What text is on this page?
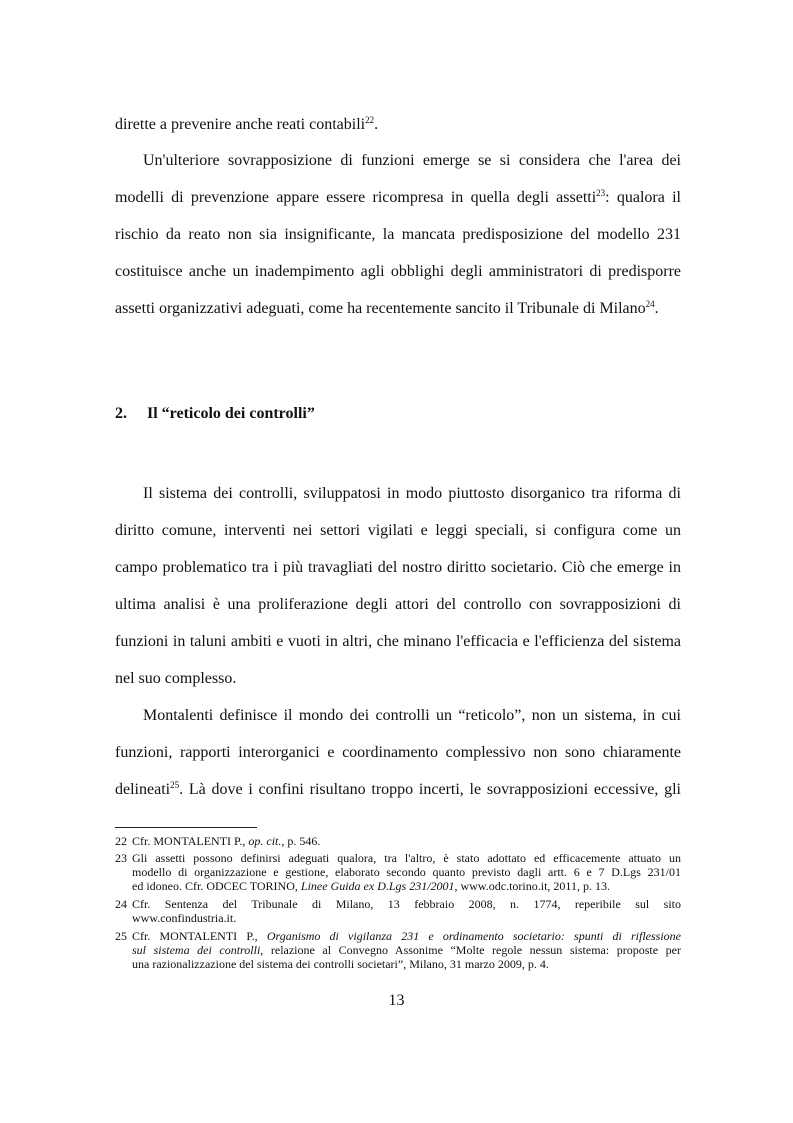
dirette a prevenire anche reati contabili$^{22}$.

Un'ulteriore sovrapposizione di funzioni emerge se si considera che l'area dei

modelli di prevenzione appare essere ricompresa in quella degli assetti$^{23}$: qualora il

rischio da reato non sia insignificante, la mancata predisposizione del modello 231

costituisce anche un inadempimento agli obblighi degli amministratori di predisporre

assetti organizzativi adeguati, come ha recentemente sancito il Tribunale di Milano$^{24}$.

2. Il “reticolo dei controlli”

Il sistema dei controlli, sviluppatosi in modo piuttosto disorganico tra riforma di

diritto comune, interventi nei settori vigilati e leggi speciali, si configura come un

campo problematico tra i più travagliati del nostro diritto societario. Ciò che emerge in

ultima analisi è una proliferazione degli attori del controllo con sovrapposizioni di

funzioni in taluni ambiti e vuoti in altri, che minano l'efficacia e l'efficienza del sistema

nel suo complesso.

Montalenti definisce il mondo dei controlli un “reticolo”, non un sistema, in cui

funzioni, rapporti interorganici e coordinamento complessivo non sono chiaramente

delineati$^{25}$. Là dove i confini risultano troppo incerti, le sovrapposizioni eccessive, gli

22 Cfr. MONTALENTI P., op. cit., p. 546.
23 Gli assetti possono definirsi adeguati qualora, tra l'altro, è stato adottato ed efficacemente attuato un
modello di organizzazione e gestione, elaborato secondo quanto previsto dagli artt. 6 e 7 D.Lgs 231/01
ed idoneo. Cfr. ODCEC TORINO, Linee Guida ex D.Lgs 231/2001, www.odc.torino.it, 2011, p. 13.
24 Cfr. Sentenza del Tribunale di Milano, 13 febbraio 2008, n. 1774, reperibile sul sito
www.confindustria.it.
25 Cfr. MONTALENTI P., Organismo di vigilanza 231 e ordinamento societario: spunti di riflessione
sul sistema dei controlli, relazione al Convegno Assonime “Molte regole nessun sistema: proposte per
una razionalizzazione del sistema dei controlli societari”, Milano, 31 marzo 2009, p. 4.
13
